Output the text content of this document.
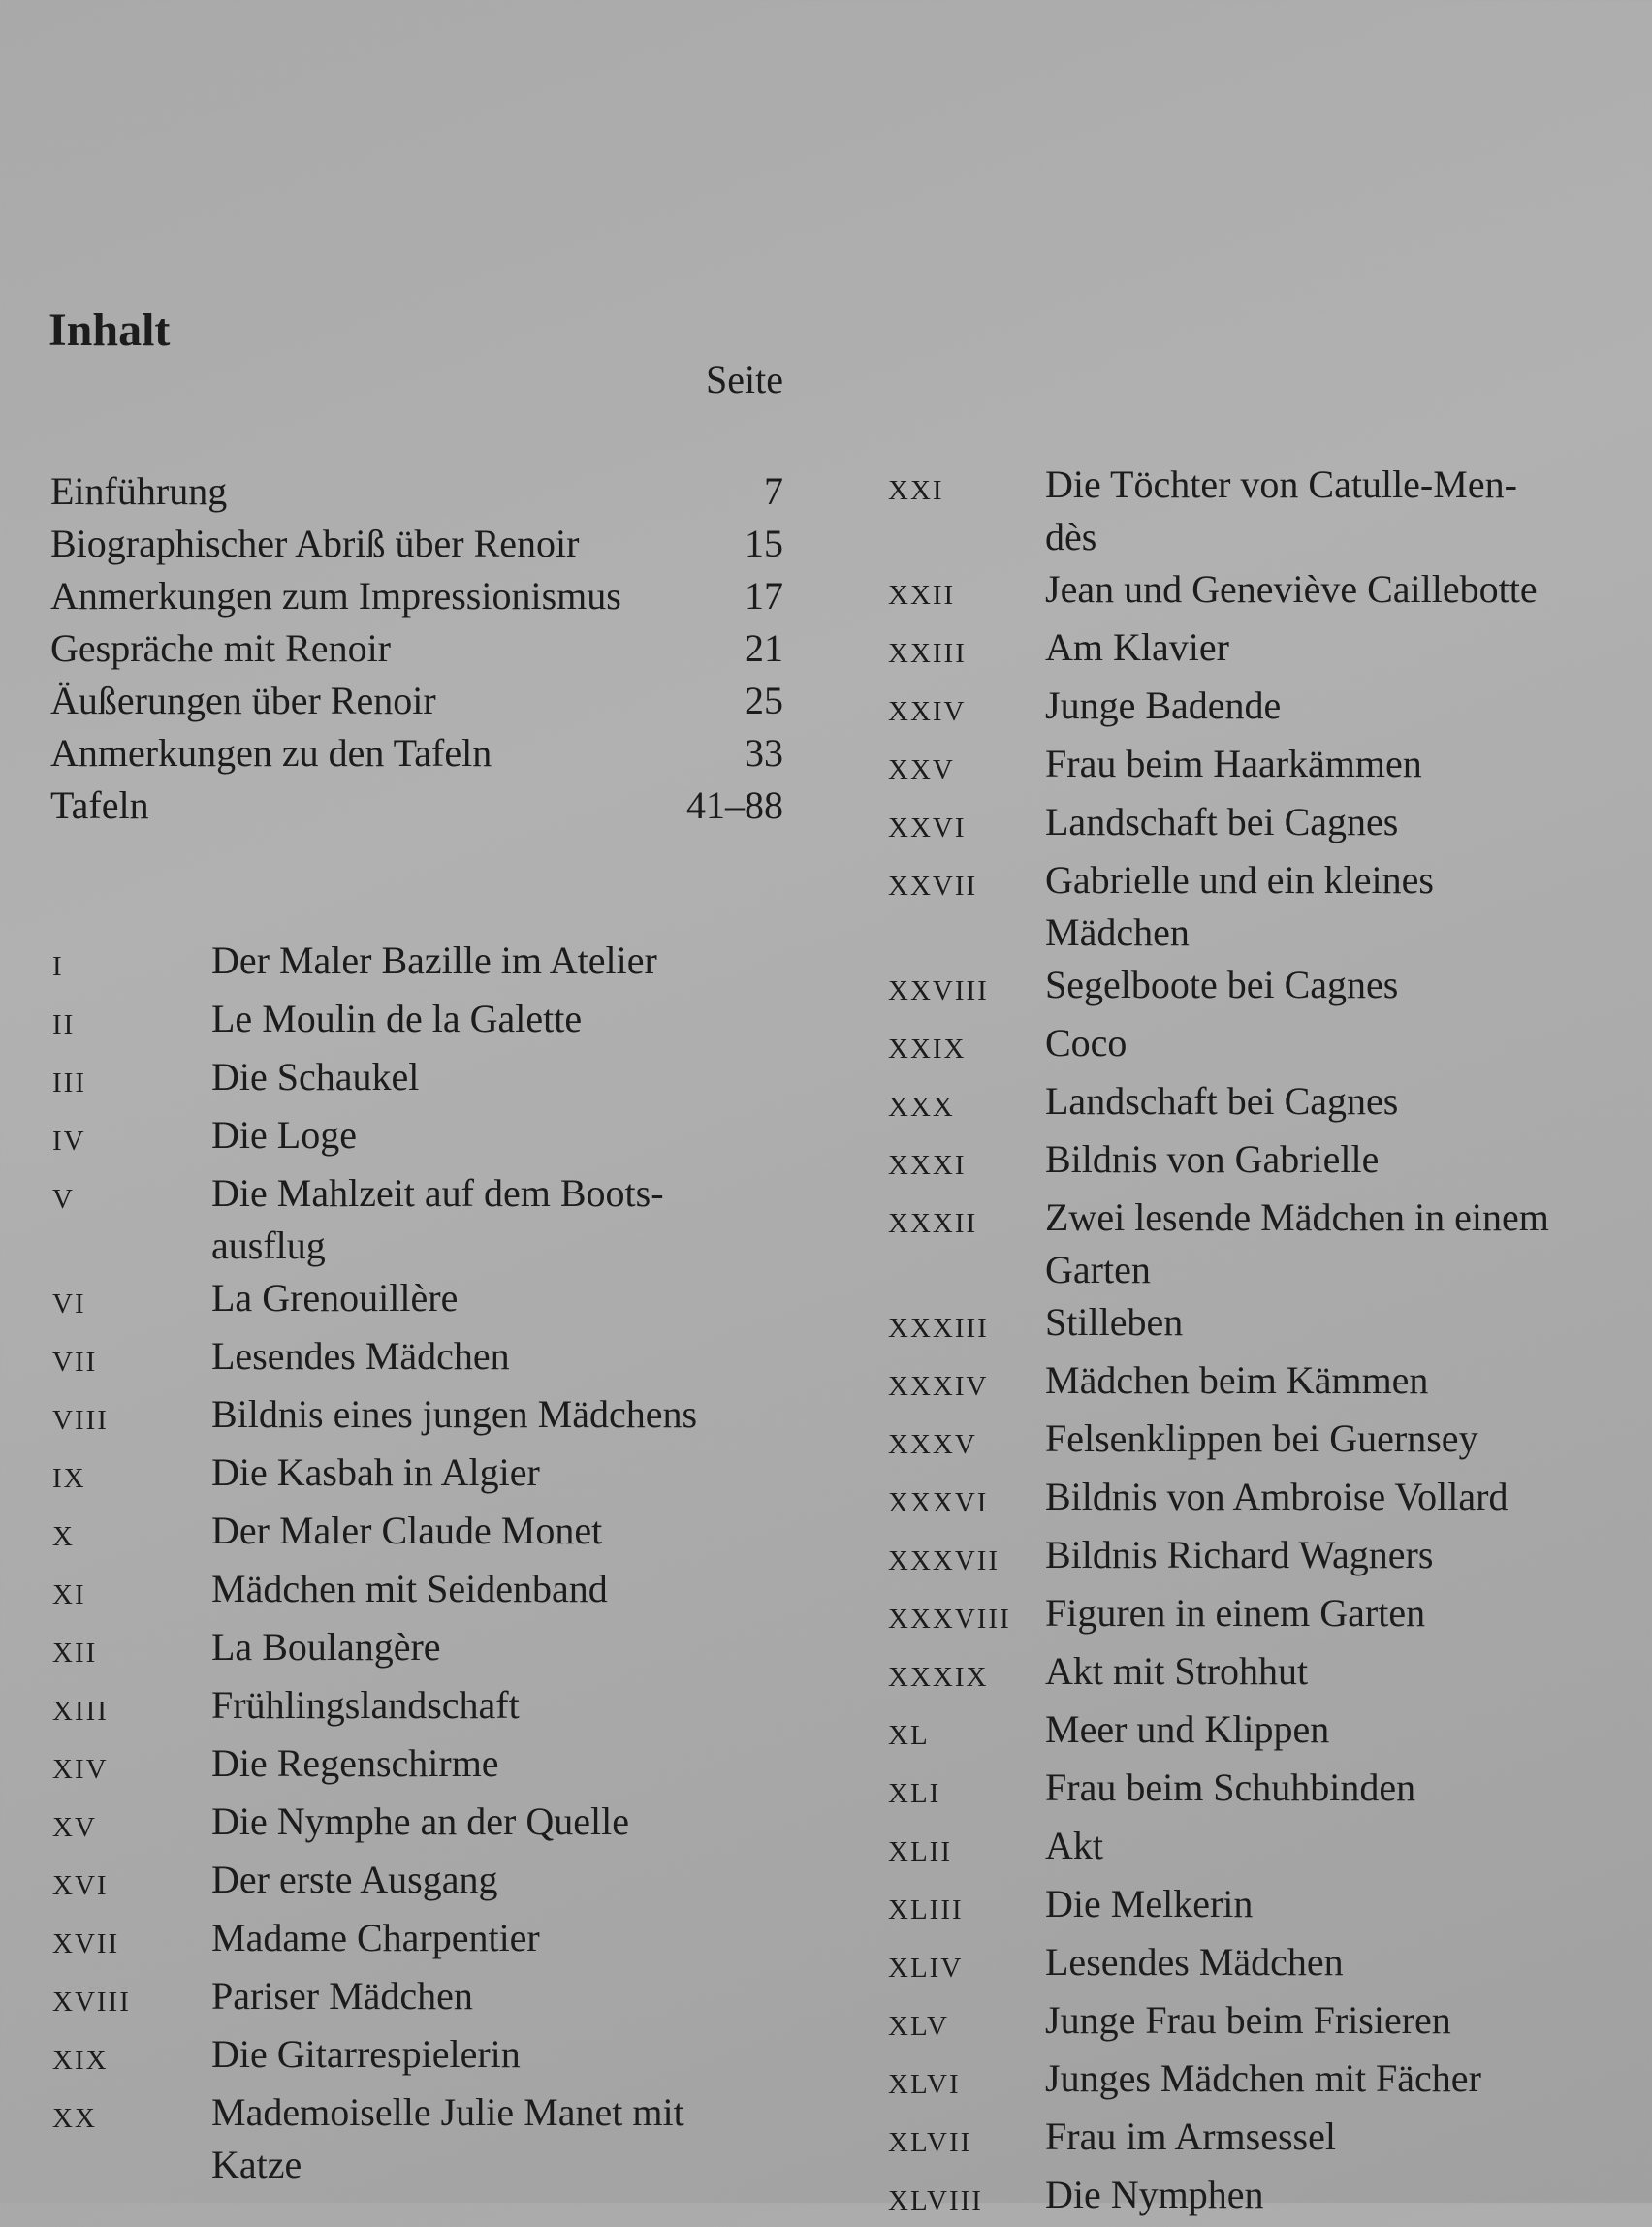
Inhalt
Seite
Einführung	7
Biographischer Abriß über Renoir	15
Anmerkungen zum Impressionismus	17
Gespräche mit Renoir	21
Äußerungen über Renoir	25
Anmerkungen zu den Tafeln	33
Tafeln	41–88
I	Der Maler Bazille im Atelier
II	Le Moulin de la Galette
III	Die Schaukel
IV	Die Loge
V	Die Mahlzeit auf dem Boots-
ausflug
VI	La Grenouillère
VII	Lesendes Mädchen
VIII	Bildnis eines jungen Mädchens
IX	Die Kasbah in Algier
X	Der Maler Claude Monet
XI	Mädchen mit Seidenband
XII	La Boulangère
XIII	Frühlingslandschaft
XIV	Die Regenschirme
XV	Die Nymphe an der Quelle
XVI	Der erste Ausgang
XVII	Madame Charpentier
XVIII	Pariser Mädchen
XIX	Die Gitarrespielerin
XX	Mademoiselle Julie Manet mit
Katze
XXI	Die Töchter von Catulle-Men-
dès
XXII	Jean und Geneviève Caillebotte
XXIII	Am Klavier
XXIV	Junge Badende
XXV	Frau beim Haarkämmen
XXVI	Landschaft bei Cagnes
XXVII	Gabrielle und ein kleines
Mädchen
XXVIII	Segelboote bei Cagnes
XXIX	Coco
XXX	Landschaft bei Cagnes
XXXI	Bildnis von Gabrielle
XXXII	Zwei lesende Mädchen in einem
Garten
XXXIII	Stilleben
XXXIV	Mädchen beim Kämmen
XXXV	Felsenklippen bei Guernsey
XXXVI	Bildnis von Ambroise Vollard
XXXVII	Bildnis Richard Wagners
XXXVIII Figuren in einem Garten
XXXIX	Akt mit Strohhut
XL	Meer und Klippen
XLI	Frau beim Schuhbinden
XLII	Akt
XLIII	Die Melkerin
XLIV	Lesendes Mädchen
XLV	Junge Frau beim Frisieren
XLVI	Junges Mädchen mit Fächer
XLVII	Frau im Armsessel
XLVIII	Die Nymphen
